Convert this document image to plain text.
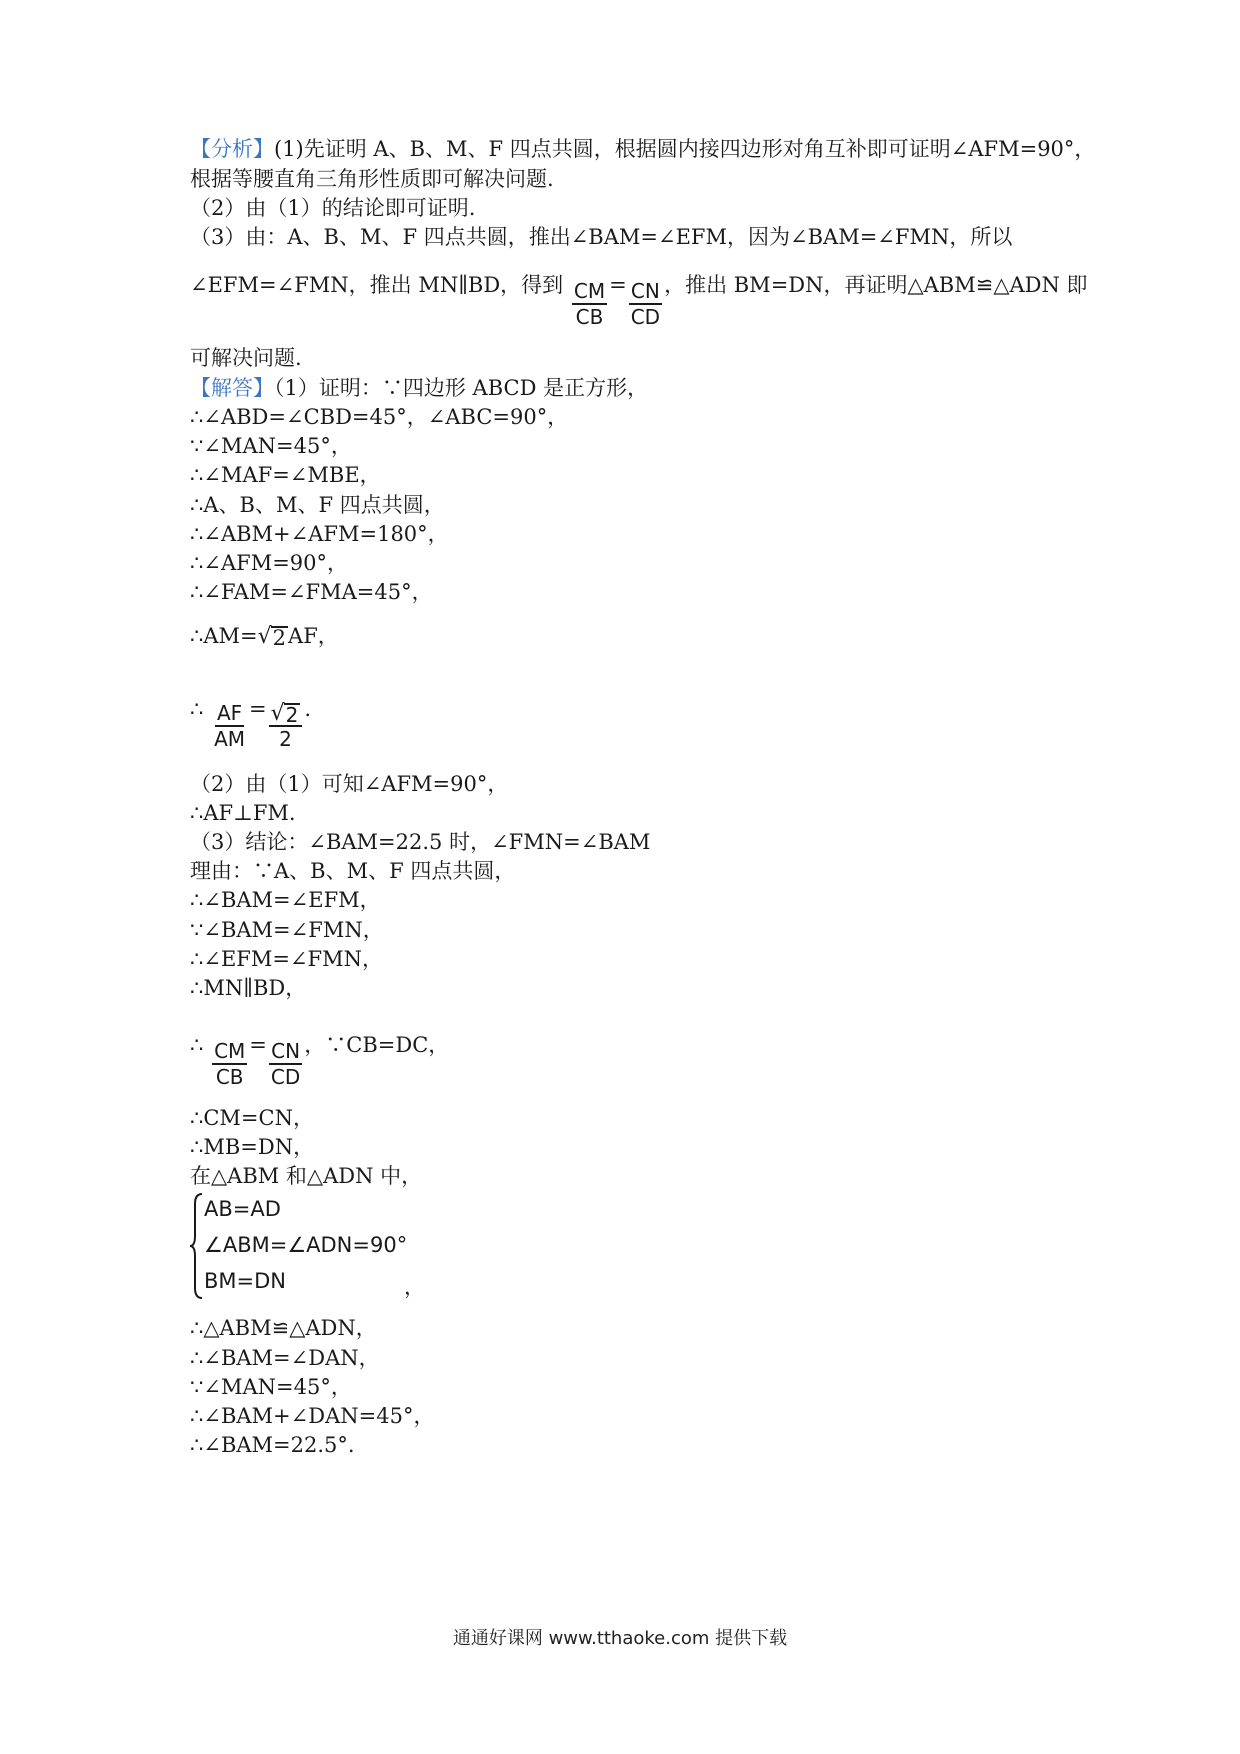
【分析】(1)先证明 A、B、M、F 四点共圆，根据圆内接四边形对角互补即可证明∠AFM=90°，
根据等腰直角三角形性质即可解决问题.
（2）由（1）的结论即可证明.
（3）由：A、B、M、F 四点共圆，推出∠BAM=∠EFM，因为∠BAM=∠FMN，所以
∠EFM=∠FMN，推出 MN∥BD，得到 $\frac{CM}{CB} = \frac{CN}{CD}$ ，推出 BM=DN，再证明△ABM≌△ADN 即
可解决问题.
【解答】（1）证明：∵四边形 ABCD 是正方形，
∴∠ABD=∠CBD=45°，∠ABC=90°，
∵∠MAN=45°，
∴∠MAF=∠MBE，
∴A、B、M、F 四点共圆，
∴∠ABM+∠AFM=180°，
∴∠AFM=90°，
∴∠FAM=∠FMA=45°，
∴AM= √ 2 AF，
∴ $\frac{AF}{AM} = \frac{√ 2}{2}$ .
（2）由（1）可知∠AFM=90°，
∴AF⊥FM.
（3）结论：∠BAM=22.5 时，∠FMN=∠BAM
理由：∵A、B、M、F 四点共圆，
∴∠BAM=∠EFM，
∵∠BAM=∠FMN，
∴∠EFM=∠FMN，
∴MN∥BD，
∴ $\frac{CM}{CB} = \frac{CN}{CD}$ ，∵CB=DC，
∴CM=CN，
∴MB=DN，
在△ABM 和△ADN 中，
AB=AD
∠ABM=∠ADN=90°
BM=DN	，
∴△ABM≌△ADN，
∴∠BAM=∠DAN，
∵∠MAN=45°，
∴∠BAM+∠DAN=45°，
∴∠BAM=22.5°.
通通好课网 www.tthaoke.com 提供下载
